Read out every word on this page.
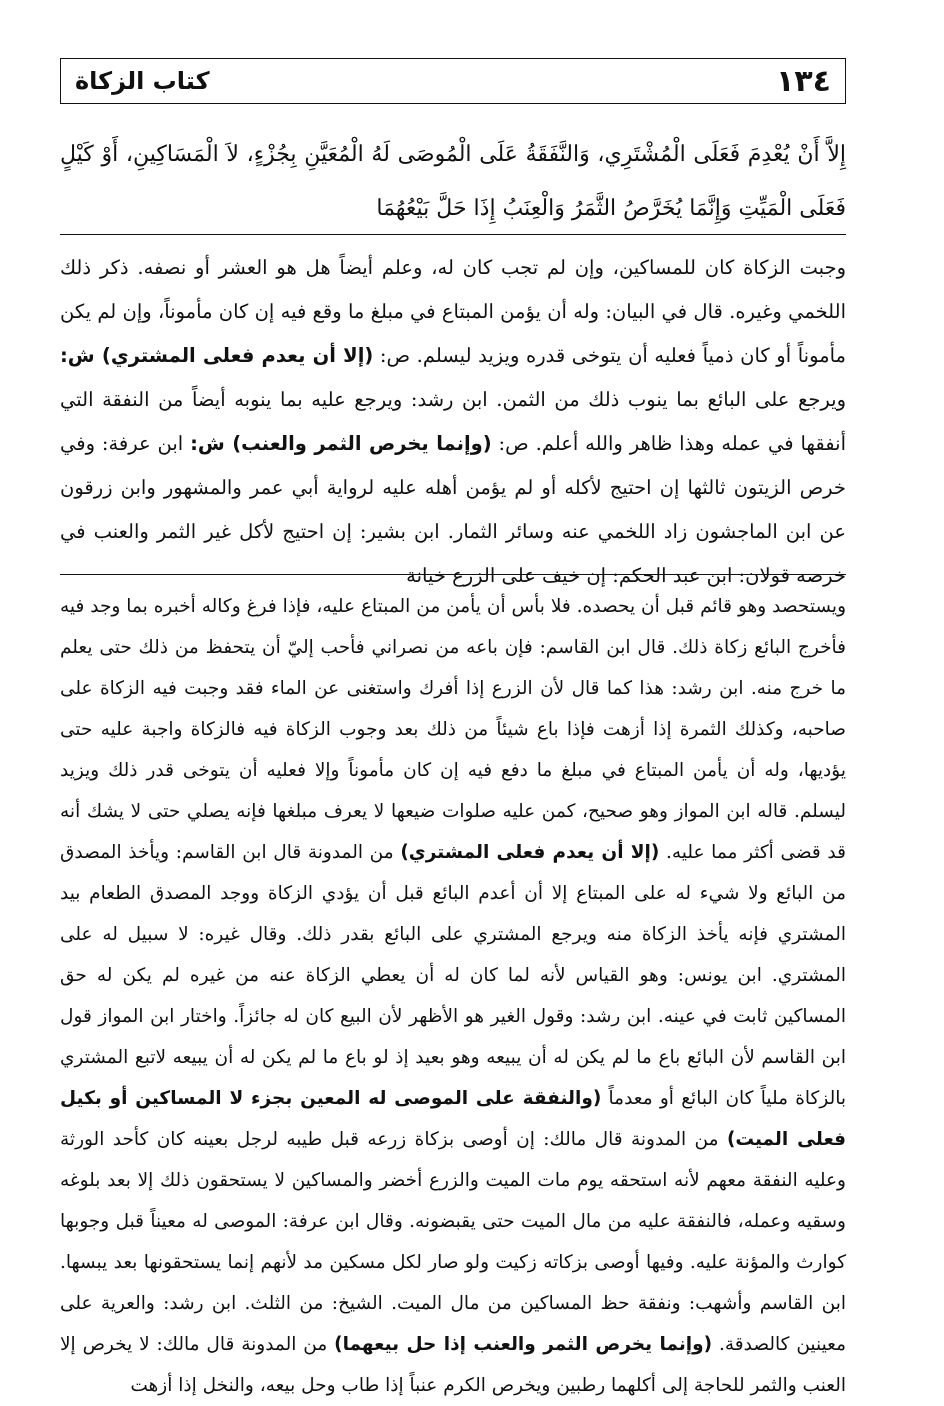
١٣٤
كتاب الزكاة

إِلاَّ أَنْ يُعْدِمَ فَعَلَى الْمُشْتَرِي، وَالنَّفَقَةُ عَلَى الْمُوصَى لَهُ الْمُعَيَّنِ بِجُزْءٍ، لاَ الْمَسَاكِينِ، أَوْ كَيْلٍ فَعَلَى الْمَيِّتِ وَإِنَّمَا يُخَرَّصُ الثَّمَرُ وَالْعِنَبُ إِذَا حَلَّ بَيْعُهُمَا

وجبت الزكاة كان للمساكين، وإن لم تجب كان له، وعلم أيضاً هل هو العشر أو نصفه. ذكر ذلك اللخمي وغيره. قال في البيان: وله أن يؤمن المبتاع في مبلغ ما وقع فيه إن كان مأموناً، وإن لم يكن مأموناً أو كان ذمياً فعليه أن يتوخى قدره ويزيد ليسلم. ص: (إلا أن يعدم فعلى المشتري) ش: ويرجع على البائع بما ينوب ذلك من الثمن. ابن رشد: ويرجع عليه بما ينوبه أيضاً من النفقة التي أنفقها في عمله وهذا ظاهر والله أعلم. ص: (وإنما يخرص الثمر والعنب) ش: ابن عرفة: وفي خرص الزيتون ثالثها إن احتيج لأكله أو لم يؤمن أهله عليه لرواية أبي عمر والمشهور وابن زرقون عن ابن الماجشون زاد اللخمي عنه وسائر الثمار. ابن بشير: إن احتيج لأكل غير الثمر والعنب في خرصه قولان: ابن عبد الحكم: إن خيف على الزرع خيانة

ويستحصد وهو قائم قبل أن يحصده. فلا بأس أن يأمن من المبتاع عليه، فإذا فرغ وكاله أخبره بما وجد فيه فأخرج البائع زكاة ذلك. قال ابن القاسم: فإن باعه من نصراني فأحب إليّ أن يتحفظ من ذلك حتى يعلم ما خرج منه. ابن رشد: هذا كما قال لأن الزرع إذا أفرك واستغنى عن الماء فقد وجبت فيه الزكاة على صاحبه، وكذلك الثمرة إذا أزهت فإذا باع شيئاً من ذلك بعد وجوب الزكاة فيه فالزكاة واجبة عليه حتى يؤديها، وله أن يأمن المبتاع في مبلغ ما دفع فيه إن كان مأموناً وإلا فعليه أن يتوخى قدر ذلك ويزيد ليسلم. قاله ابن المواز وهو صحيح، كمن عليه صلوات ضيعها لا يعرف مبلغها فإنه يصلي حتى لا يشك أنه قد قضى أكثر مما عليه. (إلا أن يعدم فعلى المشتري) من المدونة قال ابن القاسم: ويأخذ المصدق من البائع ولا شيء له على المبتاع إلا أن أعدم البائع قبل أن يؤدي الزكاة ووجد المصدق الطعام بيد المشتري فإنه يأخذ الزكاة منه ويرجع المشتري على البائع بقدر ذلك. وقال غيره: لا سبيل له على المشتري. ابن يونس: وهو القياس لأنه لما كان له أن يعطي الزكاة عنه من غيره لم يكن له حق المساكين ثابت في عينه. ابن رشد: وقول الغير هو الأظهر لأن البيع كان له جائزاً. واختار ابن المواز قول ابن القاسم لأن البائع باع ما لم يكن له أن يبيعه وهو بعيد إذ لو باع ما لم يكن له أن يبيعه لاتبع المشتري بالزكاة ملياً كان البائع أو معدماً (والنفقة على الموصى له المعين بجزء لا المساكين أو بكيل فعلى الميت) من المدونة قال مالك: إن أوصى بزكاة زرعه قبل طيبه لرجل بعينه كان كأحد الورثة وعليه النفقة معهم لأنه استحقه يوم مات الميت والزرع أخضر والمساكين لا يستحقون ذلك إلا بعد بلوغه وسقيه وعمله، فالنفقة عليه من مال الميت حتى يقبضونه. وقال ابن عرفة: الموصى له معيناً قبل وجوبها كوارث والمؤنة عليه. وفيها أوصى بزكاته زكيت ولو صار لكل مسكين مد لأنهم إنما يستحقونها بعد يبسها. ابن القاسم وأشهب: ونفقة حظ المساكين من مال الميت. الشيخ: من الثلث. ابن رشد: والعرية على معينين كالصدقة. (وإنما يخرص الثمر والعنب إذا حل بيعهما) من المدونة قال مالك: لا يخرص إلا العنب والثمر للحاجة إلى أكلهما رطبين ويخرص الكرم عنباً إذا طاب وحل بيعه، والنخل إذا أزهت
